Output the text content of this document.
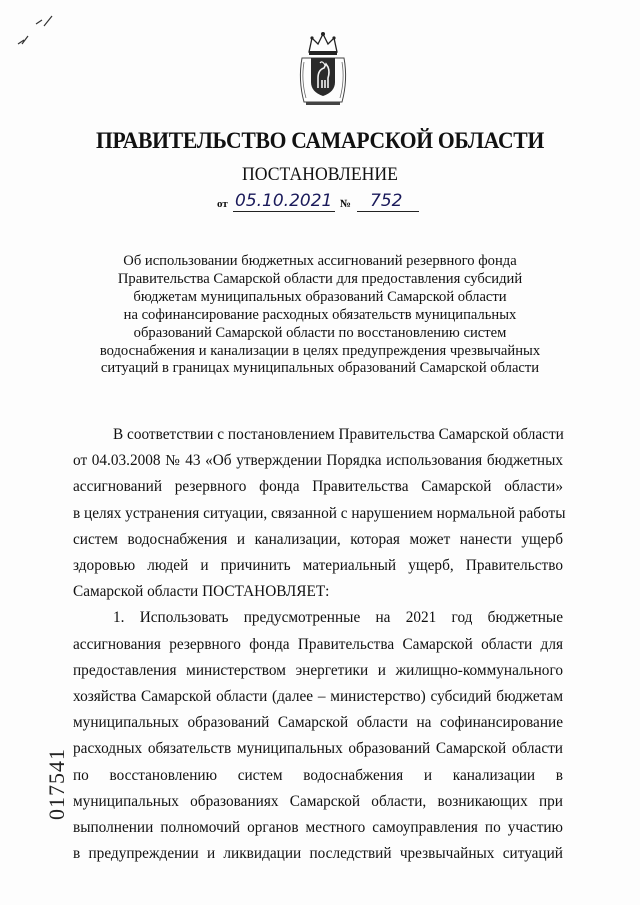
ПРАВИТЕЛЬСТВО САМАРСКОЙ ОБЛАСТИ
ПОСТАНОВЛЕНИЕ
от 05.10.2021 № 752
Об использовании бюджетных ассигнований резервного фонда
Правительства Самарской области для предоставления субсидий
бюджетам муниципальных образований Самарской области
на софинансирование расходных обязательств муниципальных
образований Самарской области по восстановлению систем
водоснабжения и канализации в целях предупреждения чрезвычайных
ситуаций в границах муниципальных образований Самарской области
В соответствии с постановлением Правительства Самарской области
от 04.03.2008 № 43 «Об утверждении Порядка использования бюджетных
ассигнований резервного фонда Правительства Самарской области»
в целях устранения ситуации, связанной с нарушением нормальной работы
систем водоснабжения и канализации, которая может нанести ущерб
здоровью людей и причинить материальный ущерб, Правительство
Самарской области ПОСТАНОВЛЯЕТ:
1. Использовать предусмотренные на 2021 год бюджетные
ассигнования резервного фонда Правительства Самарской области для
предоставления министерством энергетики и жилищно-коммунального
хозяйства Самарской области (далее – министерство) субсидий бюджетам
муниципальных образований Самарской области на софинансирование
расходных обязательств муниципальных образований Самарской области
по восстановлению систем водоснабжения и канализации в
муниципальных образованиях Самарской области, возникающих при
выполнении полномочий органов местного самоуправления по участию
в предупреждении и ликвидации последствий чрезвычайных ситуаций
017541
